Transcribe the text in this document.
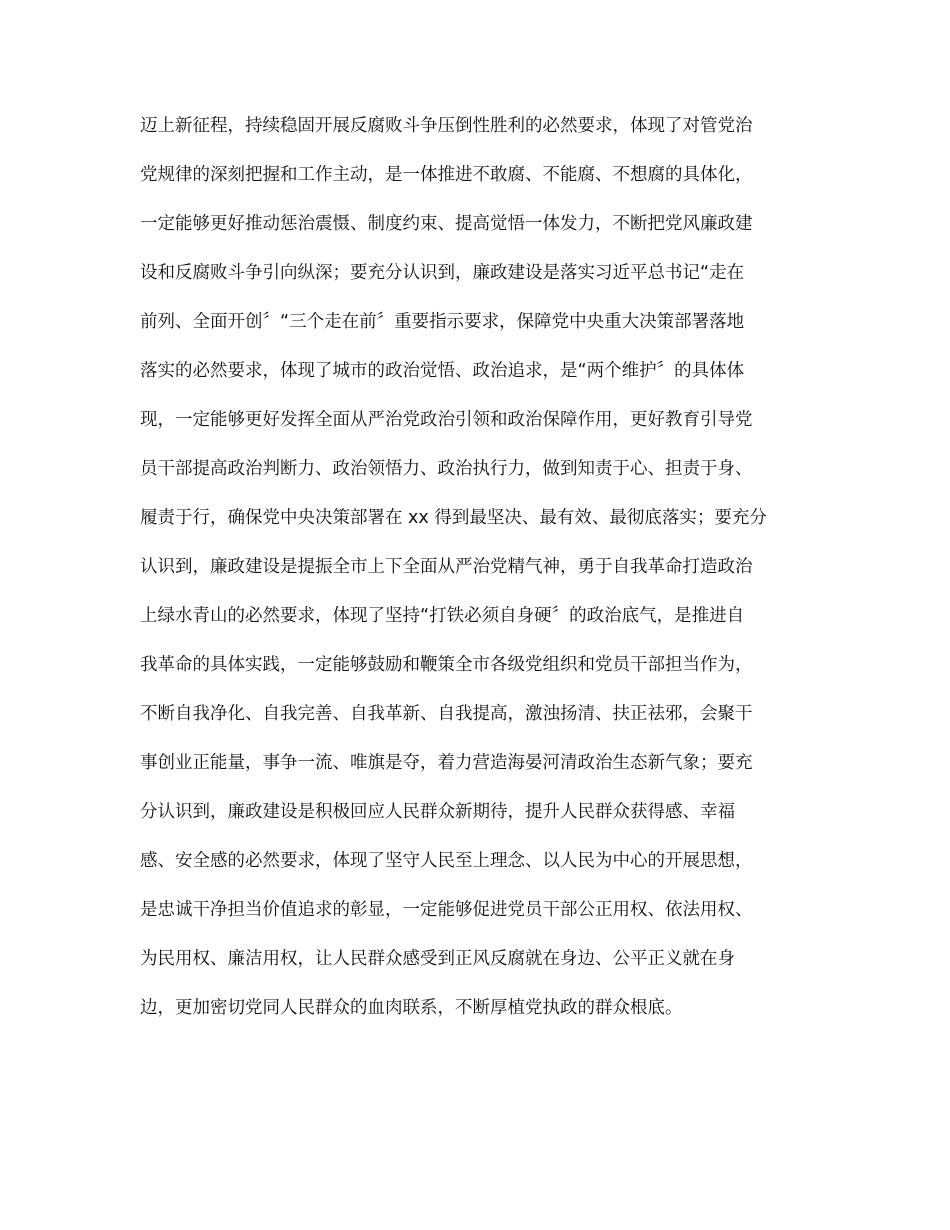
迈上新征程，持续稳固开展反腐败斗争压倒性胜利的必然要求，体现了对管党治
党规律的深刻把握和工作主动，是一体推进不敢腐、不能腐、不想腐的具体化，
一定能够更好推动惩治震慑、制度约束、提高觉悟一体发力，不断把党风廉政建
设和反腐败斗争引向纵深；要充分认识到，廉政建设是落实习近平总书记“走在
前列、全面开创〞“三个走在前〞重要指示要求，保障党中央重大决策部署落地
落实的必然要求，体现了城市的政治觉悟、政治追求，是“两个维护〞的具体体
现，一定能够更好发挥全面从严治党政治引领和政治保障作用，更好教育引导党
员干部提高政治判断力、政治领悟力、政治执行力，做到知责于心、担责于身、
履责于行，确保党中央决策部署在 xx 得到最坚决、最有效、最彻底落实；要充分
认识到，廉政建设是提振全市上下全面从严治党精气神，勇于自我革命打造政治
上绿水青山的必然要求，体现了坚持“打铁必须自身硬〞的政治底气，是推进自
我革命的具体实践，一定能够鼓励和鞭策全市各级党组织和党员干部担当作为，
不断自我净化、自我完善、自我革新、自我提高，激浊扬清、扶正祛邪，会聚干
事创业正能量，事争一流、唯旗是夺，着力营造海晏河清政治生态新气象；要充
分认识到，廉政建设是积极回应人民群众新期待，提升人民群众获得感、幸福
感、安全感的必然要求，体现了坚守人民至上理念、以人民为中心的开展思想，
是忠诚干净担当价值追求的彰显，一定能够促进党员干部公正用权、依法用权、
为民用权、廉洁用权，让人民群众感受到正风反腐就在身边、公平正义就在身
边，更加密切党同人民群众的血肉联系，不断厚植党执政的群众根底。
